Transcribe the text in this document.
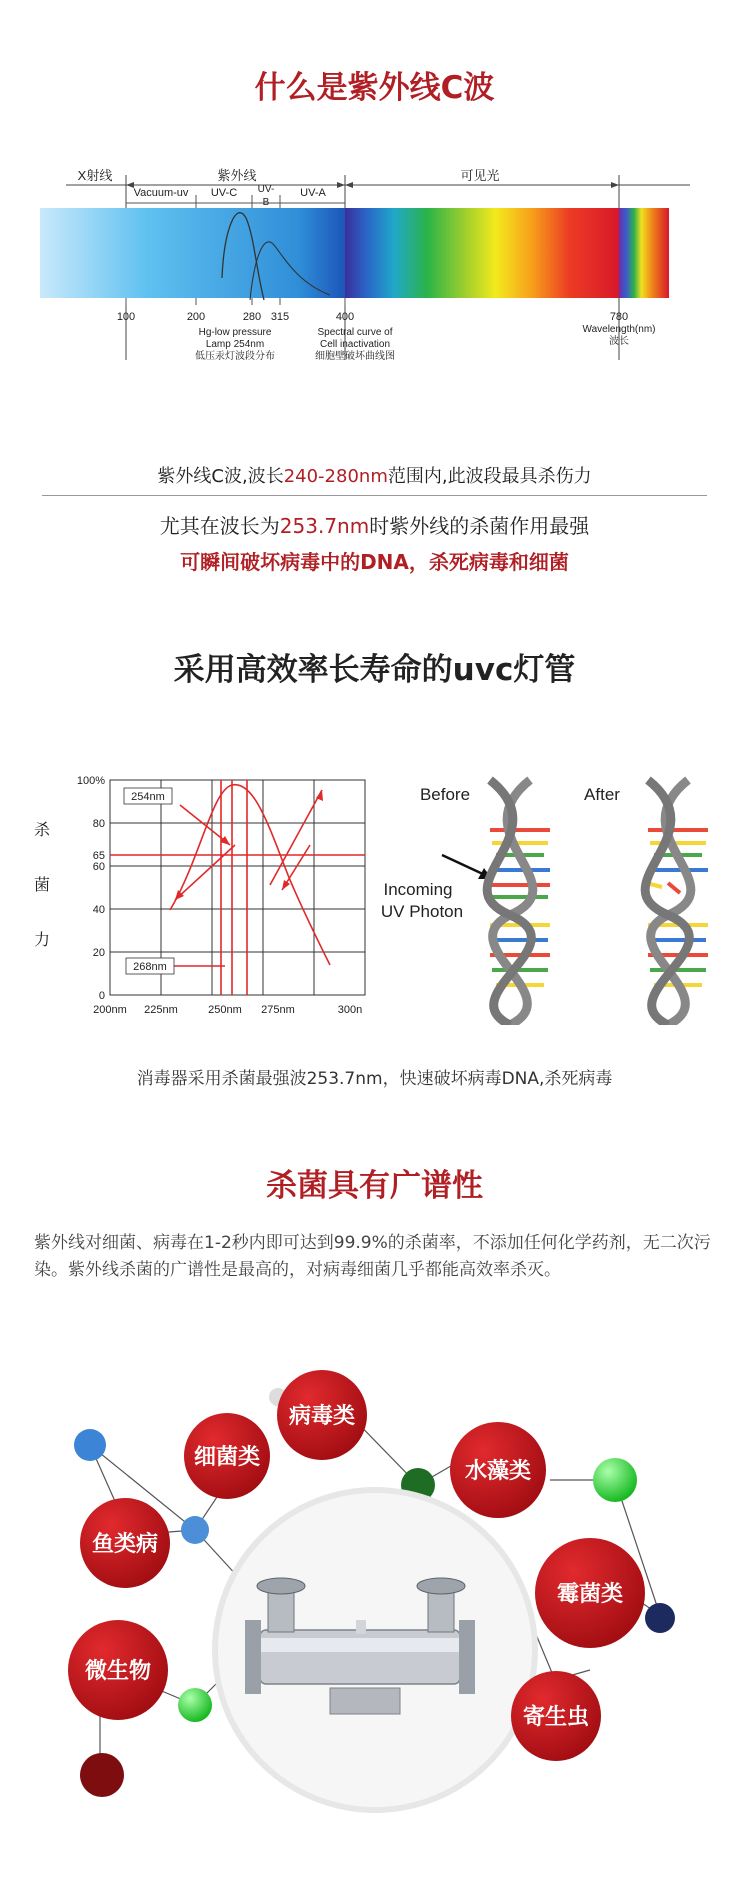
什么是紫外线C波
X射线	紫外线	可见光
Vacuum-uv UV-C UV-
B
UV-A
100	200	280 315	400	780
Wavelength(nm)
波长
Hg-low pressure
Lamp 254nm
低压汞灯波段分布
Spectral curve of
Cell inactivation
细胞壁破坏曲线图
紫外线C波,波长240-280nm范围内,此波段最具杀伤力
尤其在波长为253.7nm时紫外线的杀菌作用最强
可瞬间破坏病毒中的DNA，杀死病毒和细菌
采用高效率长寿命的uvc灯管
杀
菌
力
100%
80
65
60
40
20
0
200nm 225nm	250nm 275nm	300n
254nm
268nm
Before	After
Incoming
UV Photon
消毒器采用杀菌最强波253.7nm，快速破坏病毒DNA,杀死病毒
杀菌具有广谱性
紫外线对细菌、病毒在1-2秒内即可达到99.9%的杀菌率，不添加任何化学药剂，无二次污染。紫外线杀菌的广谱性是最高的，对病毒细菌几乎都能高效率杀灭。
病毒类
细菌类
水藻类
鱼类病
霉菌类
微生物
寄生虫
